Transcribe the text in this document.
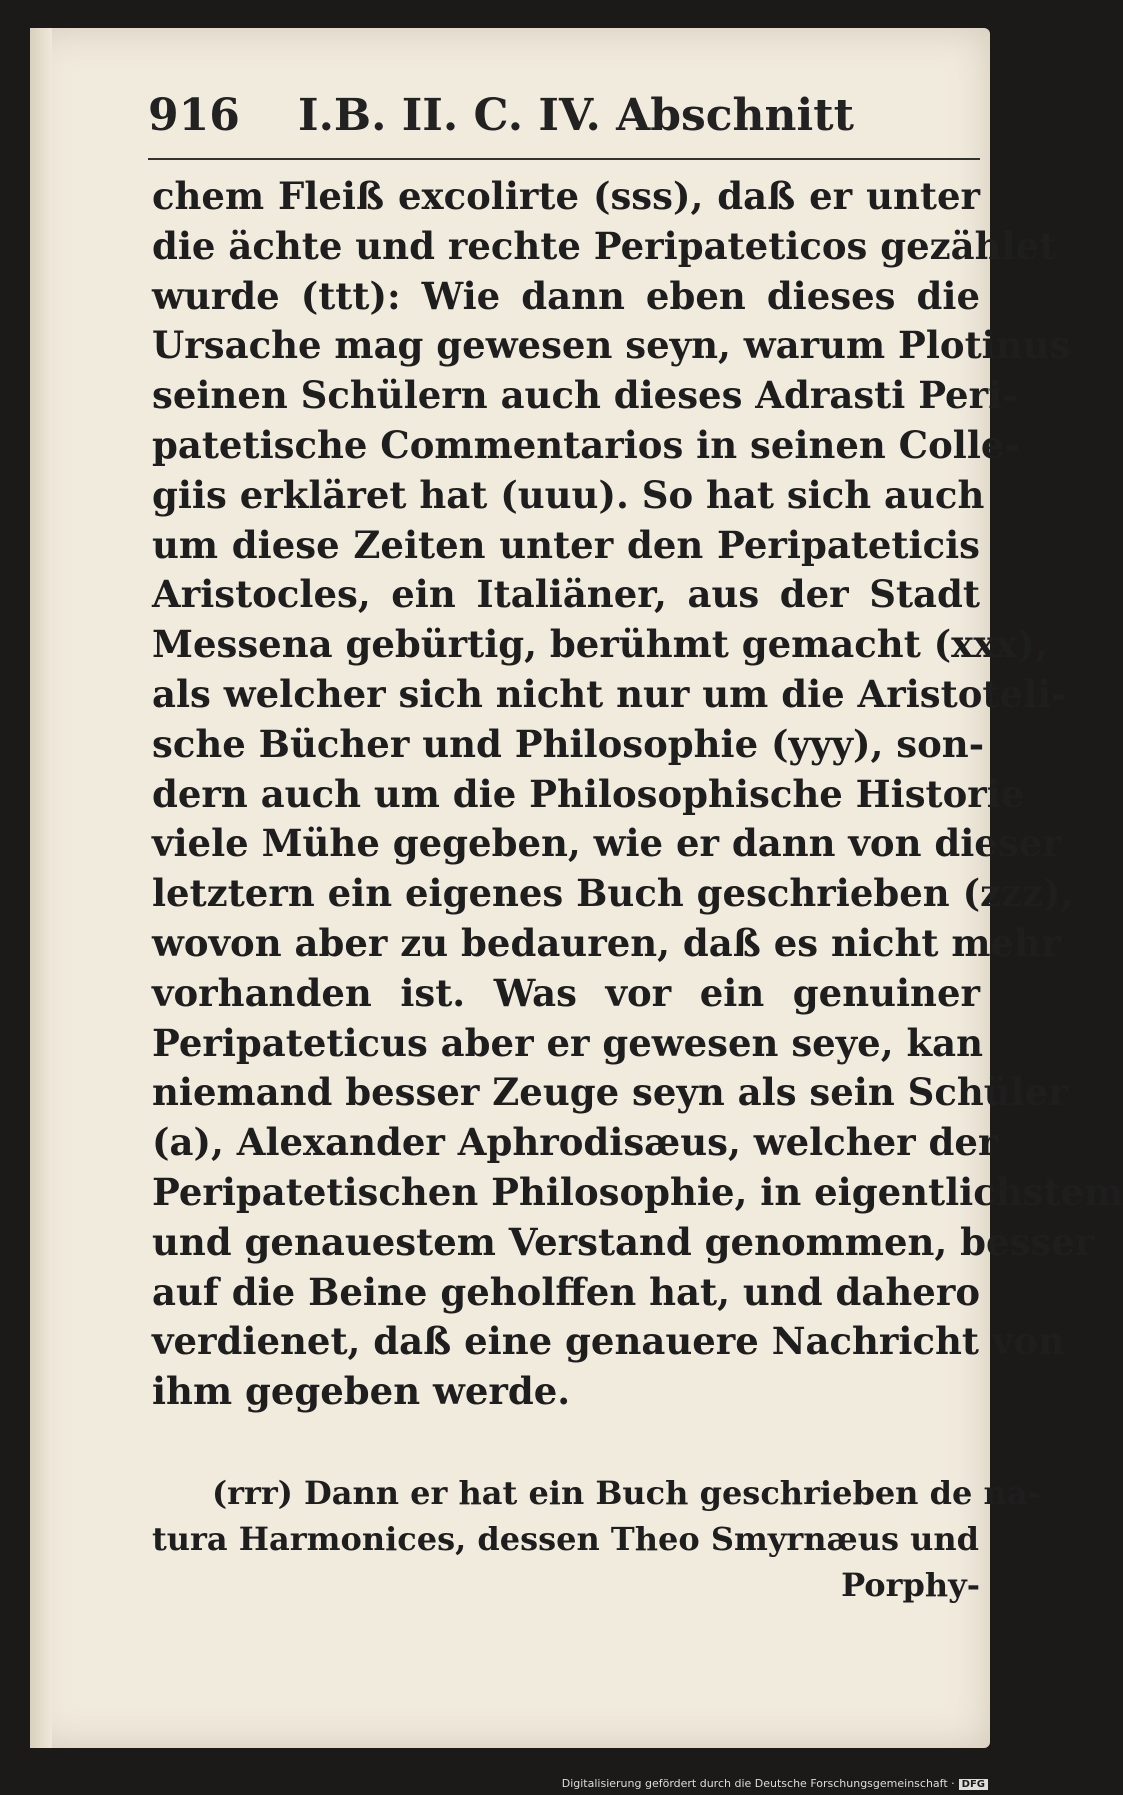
916 I.B. II. C. IV. Abschnitt
chem Fleiß excolirte (sss), daß er unter
die ächte und rechte Peripateticos gezählet
wurde (ttt): Wie dann eben dieses die
Ursache mag gewesen seyn, warum Plotinus
seinen Schülern auch dieses Adrasti Peri-
patetische Commentarios in seinen Colle-
giis erkläret hat (uuu). So hat sich auch
um diese Zeiten unter den Peripateticis
Aristocles, ein Italiäner, aus der Stadt
Messena gebürtig, berühmt gemacht (xxx),
als welcher sich nicht nur um die Aristoteli-
sche Bücher und Philosophie (yyy), son-
dern auch um die Philosophische Historie
viele Mühe gegeben, wie er dann von dieser
letztern ein eigenes Buch geschrieben (zzz),
wovon aber zu bedauren, daß es nicht mehr
vorhanden ist. Was vor ein genuiner
Peripateticus aber er gewesen seye, kan
niemand besser Zeuge seyn als sein Schüler
(a), Alexander Aphrodisæus, welcher der
Peripatetischen Philosophie, in eigentlichstem
und genauestem Verstand genommen, besser
auf die Beine geholffen hat, und dahero
verdienet, daß eine genauere Nachricht von
ihm gegeben werde.
(rrr) Dann er hat ein Buch geschrieben de na-
tura Harmonices, dessen Theo Smyrnæus und
Porphy-
Digitalisierung gefördert durch die Deutsche Forschungsgemeinschaft · DFG
